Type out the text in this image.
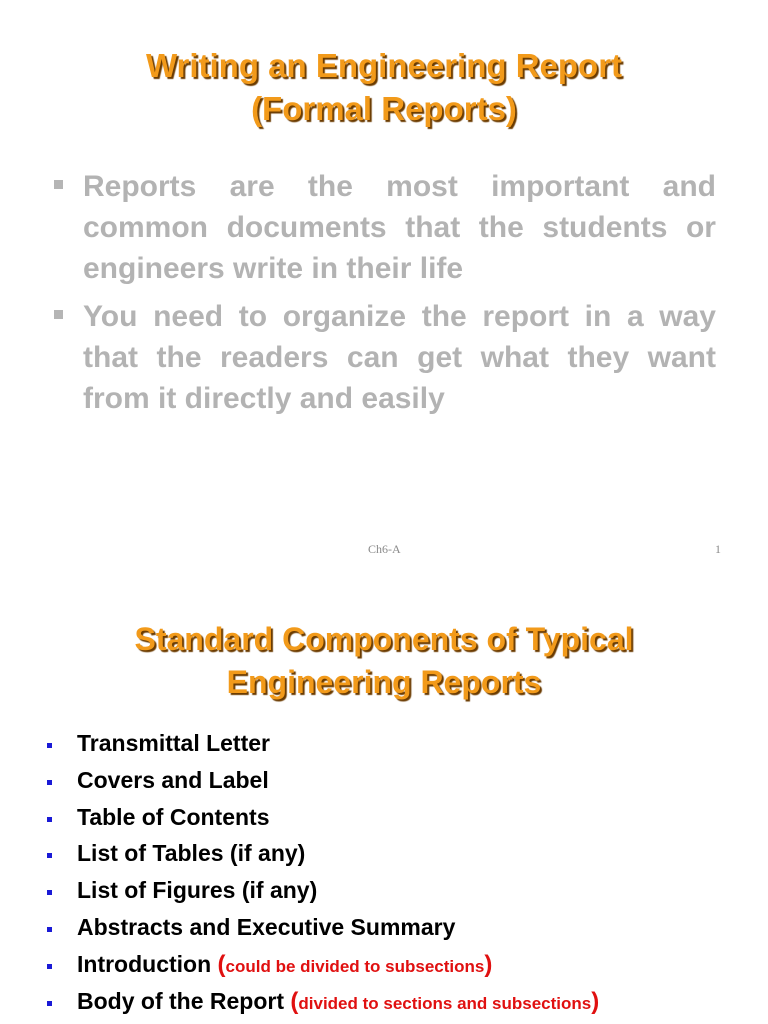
Writing an Engineering Report
(Formal Reports)
Reports are the most important and common documents that the students or engineers write in their life
You need to organize the report in a way that the readers can get what they want from it directly and easily
Ch6-A	1
Standard Components of Typical
Engineering Reports
Transmittal Letter
Covers and Label
Table of Contents
List of Tables (if any)
List of Figures (if any)
Abstracts and Executive Summary
Introduction (could be divided to subsections)
Body of the Report (divided to sections and subsections)
